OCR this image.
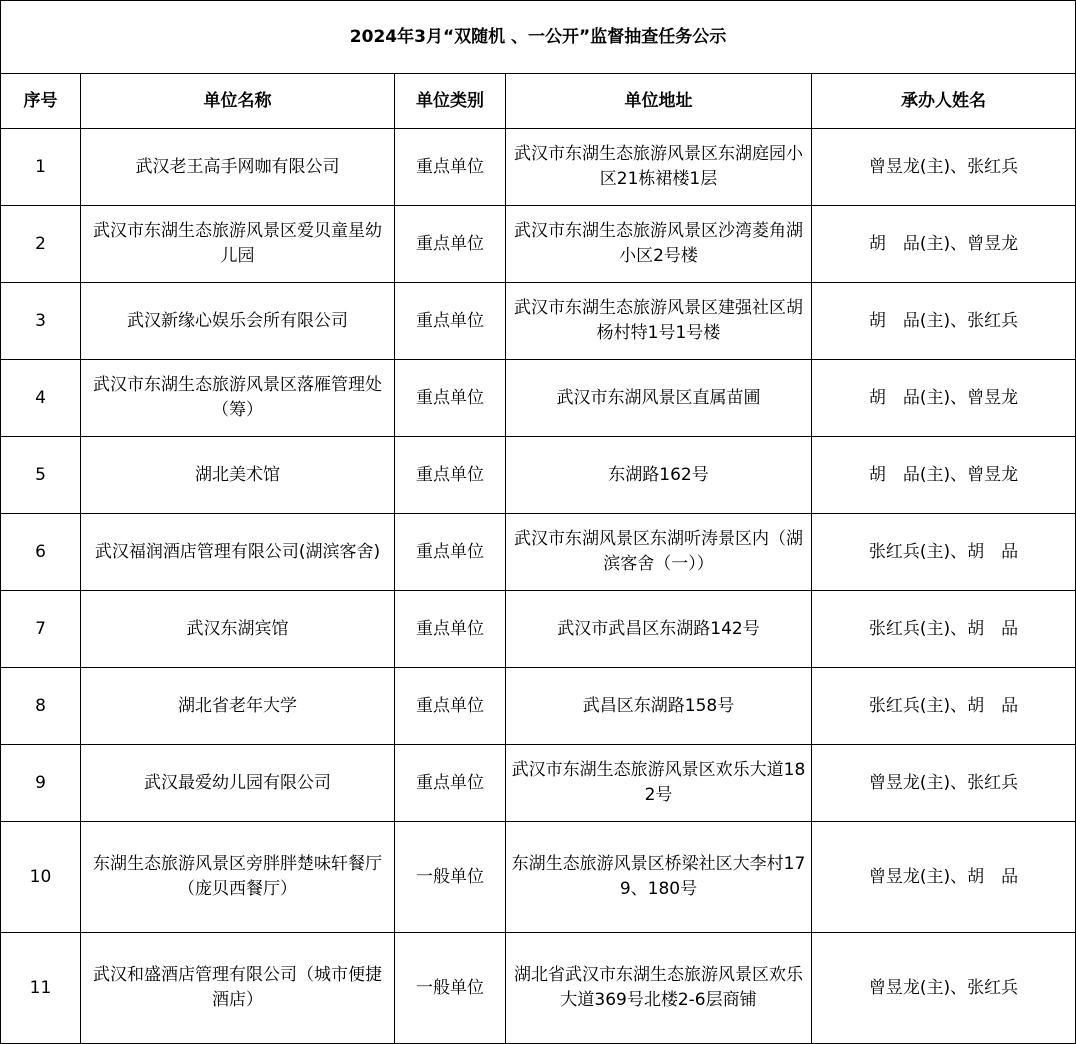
2024年3月“双随机 、一公开”监督抽查任务公示				
序号	单位名称	单位类别	单位地址	承办人姓名
1	武汉老王高手网咖有限公司	重点单位	武汉市东湖生态旅游风景区东湖庭园小区21栋裙楼1层	曾昱龙(主)、张红兵
2	武汉市东湖生态旅游风景区爱贝童星幼儿园	重点单位	武汉市东湖生态旅游风景区沙湾菱角湖小区2号楼	胡　品(主)、曾昱龙
3	武汉新缘心娱乐会所有限公司	重点单位	武汉市东湖生态旅游风景区建强社区胡杨村特1号1号楼	胡　品(主)、张红兵
4	武汉市东湖生态旅游风景区落雁管理处（筹）	重点单位	武汉市东湖风景区直属苗圃	胡　品(主)、曾昱龙
5	湖北美术馆	重点单位	东湖路162号	胡　品(主)、曾昱龙
6	武汉福润酒店管理有限公司(湖滨客舍)	重点单位	武汉市东湖风景区东湖听涛景区内（湖滨客舍（一））	张红兵(主)、胡　品
7	武汉东湖宾馆	重点单位	武汉市武昌区东湖路142号	张红兵(主)、胡　品
8	湖北省老年大学	重点单位	武昌区东湖路158号	张红兵(主)、胡　品
9	武汉最爱幼儿园有限公司	重点单位	武汉市东湖生态旅游风景区欢乐大道182号	曾昱龙(主)、张红兵
10	东湖生态旅游风景区旁胖胖楚味轩餐厅（庞贝西餐厅）	一般单位	东湖生态旅游风景区桥梁社区大李村179、180号	曾昱龙(主)、胡　品
11	武汉和盛酒店管理有限公司（城市便捷酒店）	一般单位	湖北省武汉市东湖生态旅游风景区欢乐大道369号北楼2-6层商铺	曾昱龙(主)、张红兵
